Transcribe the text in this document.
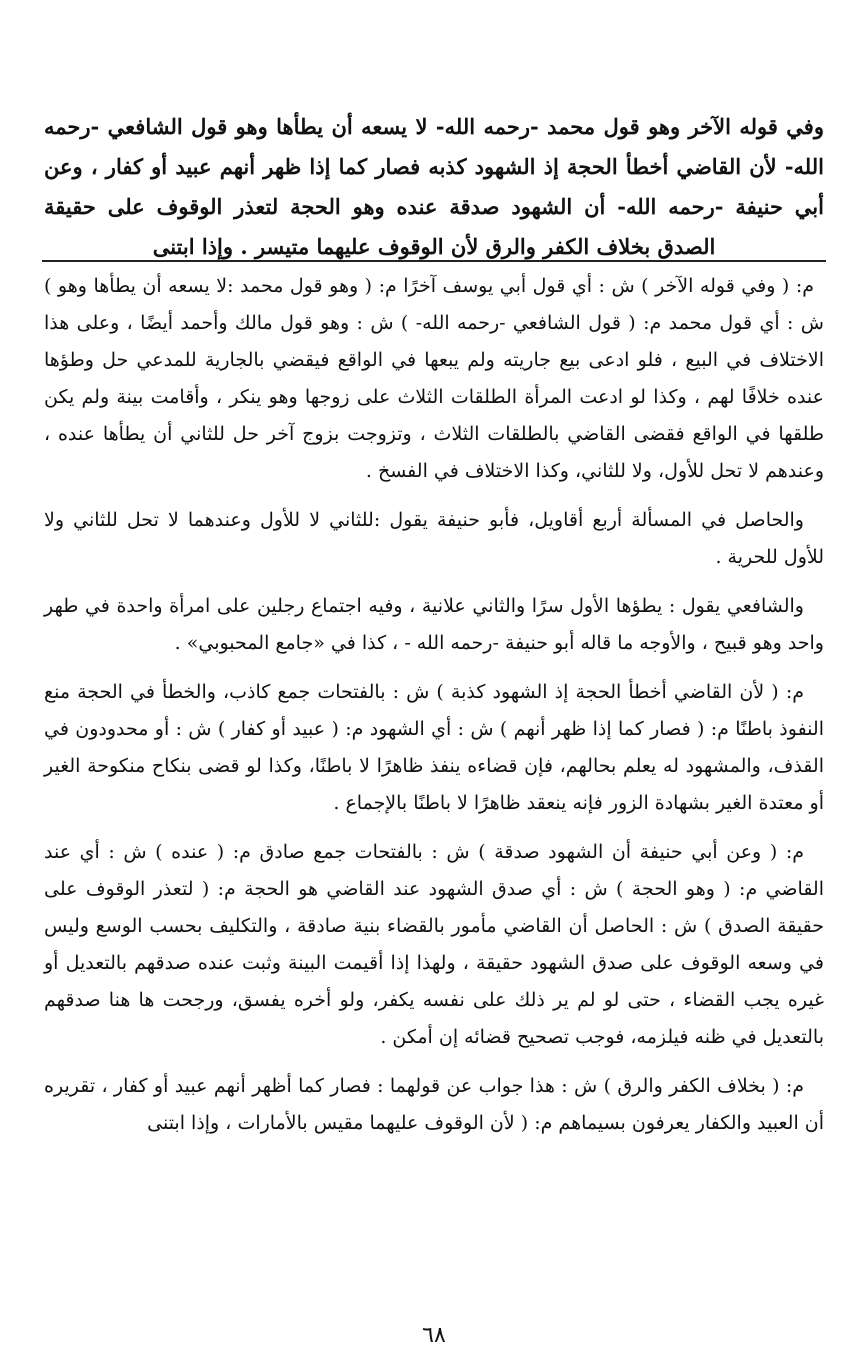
وفي قوله الآخر وهو قول محمد -رحمه الله- لا يسعه أن يطأها وهو قول الشافعي -رحمه الله- لأن القاضي أخطأ الحجة إذ الشهود كذبه فصار كما إذا ظهر أنهم عبيد أو كفار ، وعن أبي حنيفة -رحمه الله- أن الشهود صدقة عنده وهو الحجة لتعذر الوقوف على حقيقة الصدق بخلاف الكفر والرق لأن الوقوف عليهما متيسر . وإذا ابتنى

م: ( وفي قوله الآخر ) ش : أي قول أبي يوسف آخرًا م: ( وهو قول محمد :لا يسعه أن يطأها وهو ) ش : أي قول محمد م: ( قول الشافعي -رحمه الله- ) ش : وهو قول مالك وأحمد أيضًا ، وعلى هذا الاختلاف في البيع ، فلو ادعى بيع جاريته ولم يبعها في الواقع فيقضي بالجارية للمدعي حل وطؤها عنده خلافًا لهم ، وكذا لو ادعت المرأة الطلقات الثلاث على زوجها وهو ينكر ، وأقامت بينة ولم يكن طلقها في الواقع فقضى القاضي بالطلقات الثلاث ، وتزوجت بزوج آخر حل للثاني أن يطأها عنده ، وعندهم لا تحل للأول، ولا للثاني، وكذا الاختلاف في الفسخ .

والحاصل في المسألة أربع أقاويل، فأبو حنيفة يقول :للثاني لا للأول وعندهما لا تحل للثاني ولا للأول للحرية .

والشافعي يقول : يطؤها الأول سرًا والثاني علانية ، وفيه اجتماع رجلين على امرأة واحدة في طهر واحد وهو قبيح ، والأوجه ما قاله أبو حنيفة -رحمه الله - ، كذا في «جامع المحبوبي» .

م: ( لأن القاضي أخطأ الحجة إذ الشهود كذبة ) ش : بالفتحات جمع كاذب، والخطأ في الحجة منع النفوذ باطنًا م: ( فصار كما إذا ظهر أنهم ) ش : أي الشهود م: ( عبيد أو كفار ) ش : أو محدودون في القذف، والمشهود له يعلم بحالهم، فإن قضاءه ينفذ ظاهرًا لا باطنًا، وكذا لو قضى بنكاح منكوحة الغير أو معتدة الغير بشهادة الزور فإنه ينعقد ظاهرًا لا باطنًا بالإجماع .

م: ( وعن أبي حنيفة أن الشهود صدقة ) ش : بالفتحات جمع صادق م: ( عنده ) ش : أي عند القاضي م: ( وهو الحجة ) ش : أي صدق الشهود عند القاضي هو الحجة م: ( لتعذر الوقوف على حقيقة الصدق ) ش : الحاصل أن القاضي مأمور بالقضاء بنية صادقة ، والتكليف بحسب الوسع وليس في وسعه الوقوف على صدق الشهود حقيقة ، ولهذا إذا أقيمت البينة وثبت عنده صدقهم بالتعديل أو غيره يجب القضاء ، حتى لو لم ير ذلك على نفسه يكفر، ولو أخره يفسق، ورجحت ها هنا صدقهم بالتعديل في ظنه فيلزمه، فوجب تصحيح قضائه إن أمكن .

م: ( بخلاف الكفر والرق ) ش : هذا جواب عن قولهما : فصار كما أظهر أنهم عبيد أو كفار ، تقريره أن العبيد والكفار يعرفون بسيماهم م: ( لأن الوقوف عليهما مقيس بالأمارات ، وإذا ابتنى

٦٨
